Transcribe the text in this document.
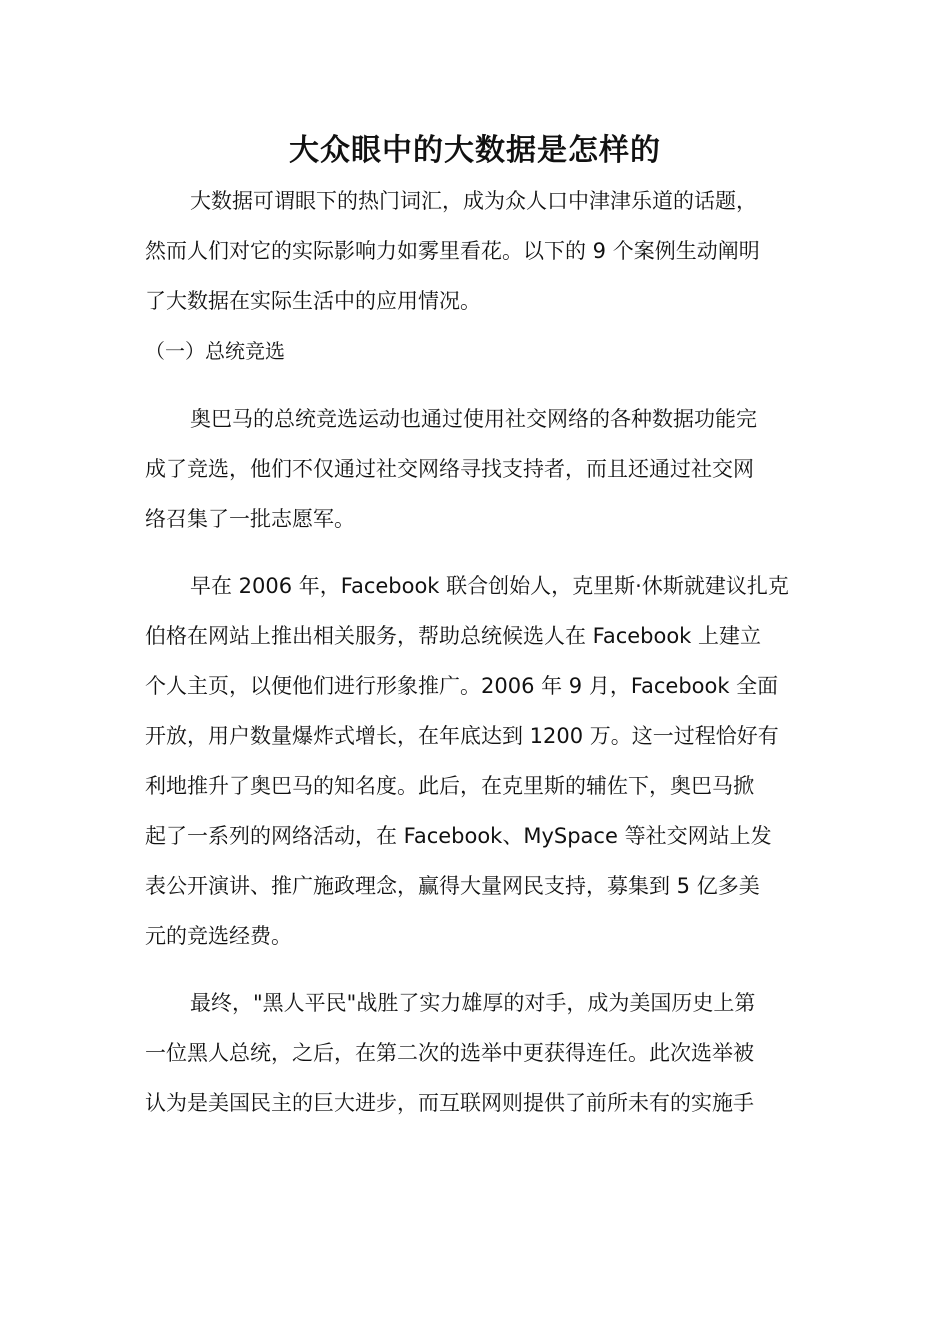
大众眼中的大数据是怎样的
大数据可谓眼下的热门词汇，成为众人口中津津乐道的话题，
然而人们对它的实际影响力如雾里看花。以下的 9 个案例生动阐明
了大数据在实际生活中的应用情况。
（一）总统竞选
奥巴马的总统竞选运动也通过使用社交网络的各种数据功能完
成了竞选，他们不仅通过社交网络寻找支持者，而且还通过社交网
络召集了一批志愿军。
早在 2006 年，Facebook 联合创始人，克里斯·休斯就建议扎克
伯格在网站上推出相关服务，帮助总统候选人在 Facebook 上建立
个人主页，以便他们进行形象推广。2006 年 9 月，Facebook 全面
开放，用户数量爆炸式增长，在年底达到 1200 万。这一过程恰好有
利地推升了奥巴马的知名度。此后，在克里斯的辅佐下，奥巴马掀
起了一系列的网络活动，在 Facebook、MySpace 等社交网站上发
表公开演讲、推广施政理念，赢得大量网民支持，募集到 5 亿多美
元的竞选经费。
最终，"黑人平民"战胜了实力雄厚的对手，成为美国历史上第
一位黑人总统，之后，在第二次的选举中更获得连任。此次选举被
认为是美国民主的巨大进步，而互联网则提供了前所未有的实施手
